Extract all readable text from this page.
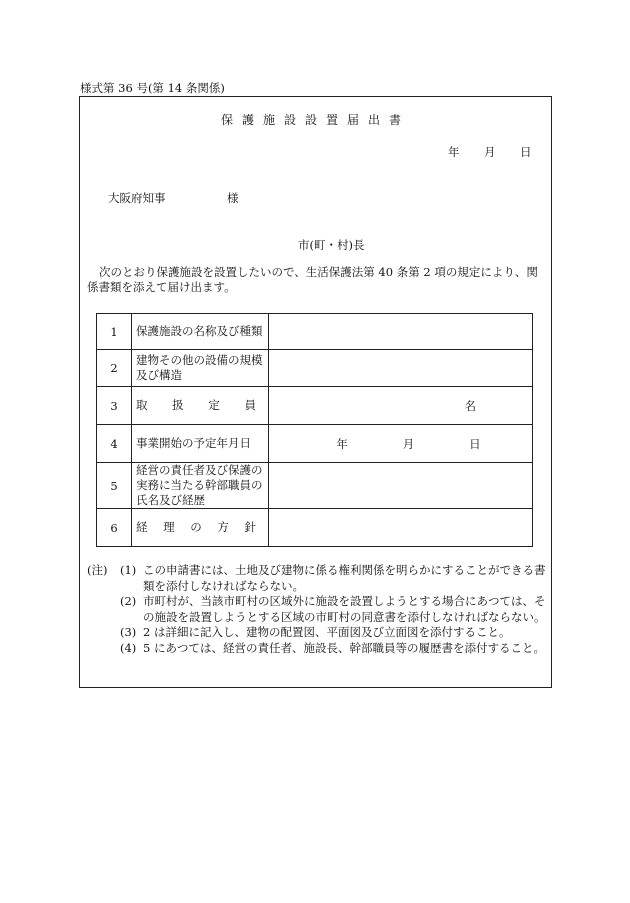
様式第 36 号(第 14 条関係)
保護施設設置届出書
年 月 日
大阪府知事	様
市(町・村)長
次のとおり保護施設を設置したいので、生活保護法第 40 条第 2 項の規定により、関係書類を添えて届け出ます。
1	保護施設の名称及び種類	
2	建物その他の設備の規模及び構造	
3	取 扱 定 員	名

4	事業開始の予定年月日	年 月 日

5	経営の責任者及び保護の実務に当たる幹部職員の氏名及び経歴	
6	経 理 の 方 針	

(注) (1) この申請書には、土地及び建物に係る権利関係を明らかにすることができる書類を添付しなければならない。
(2) 市町村が、当該市町村の区域外に施設を設置しようとする場合にあつては、その施設を設置しようとする区域の市町村の同意書を添付しなければならない。
(3) 2 は詳細に記入し、建物の配置図、平面図及び立面図を添付すること。
(4) 5 にあつては、経営の責任者、施設長、幹部職員等の履歴書を添付すること。
